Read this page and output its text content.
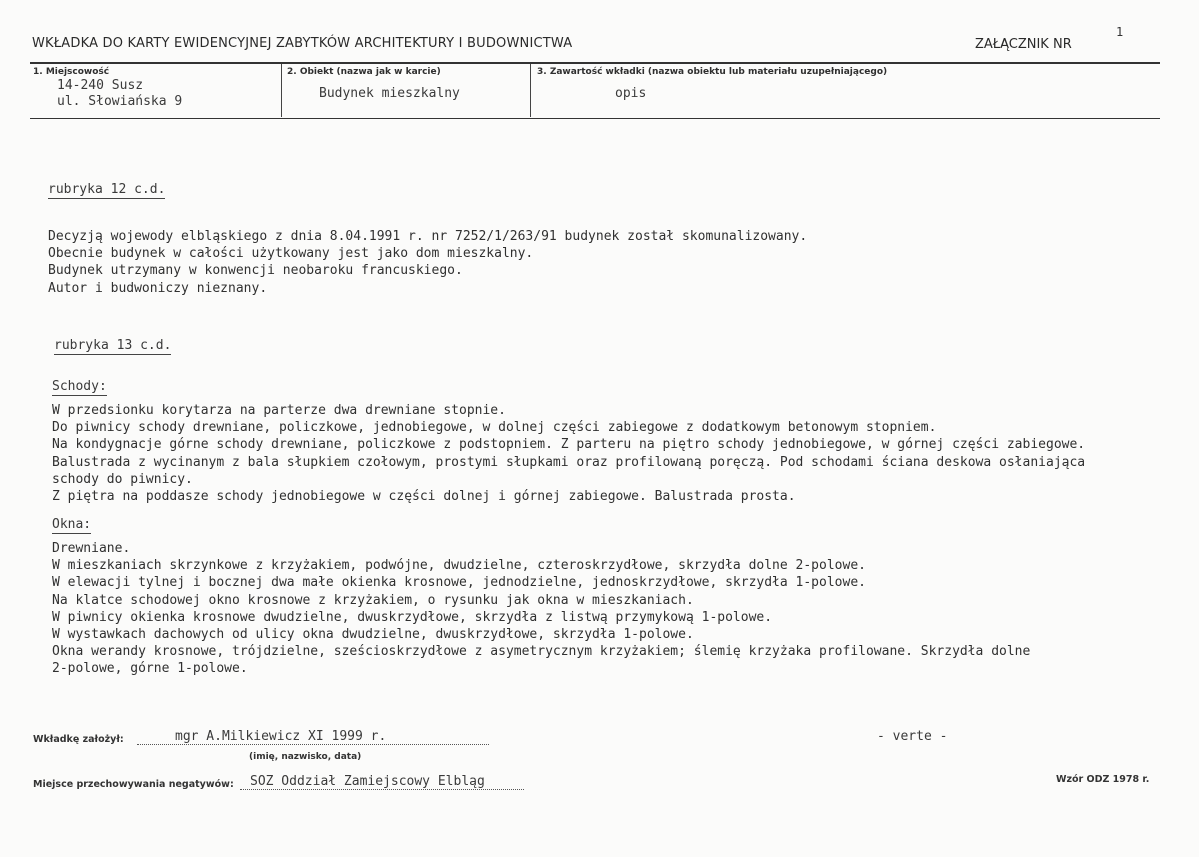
WKŁADKA DO KARTY EWIDENCYJNEJ ZABYTKÓW ARCHITEKTURY I BUDOWNICTWA	ZAŁĄCZNIK NR
1
1. Miejscowość
14-240 Susz
ul. Słowiańska 9
2. Obiekt (nazwa jak w karcie)
Budynek mieszkalny
3. Zawartość wkładki (nazwa obiektu lub materiału uzupełniającego)
opis
rubryka 12 c.d.
Decyzją wojewody elbląskiego z dnia 8.04.1991 r. nr 7252/1/263/91 budynek został skomunalizowany.
Obecnie budynek w całości użytkowany jest jako dom mieszkalny.
Budynek utrzymany w konwencji neobaroku francuskiego.
Autor i budwoniczy nieznany.
rubryka 13 c.d.
Schody:
W przedsionku korytarza na parterze dwa drewniane stopnie.
Do piwnicy schody drewniane, policzkowe, jednobiegowe, w dolnej części zabiegowe z dodatkowym betonowym stopniem.
Na kondygnacje górne schody drewniane, policzkowe z podstopniem. Z parteru na piętro schody jednobiegowe, w górnej części zabiegowe.
Balustrada z wycinanym z bala słupkiem czołowym, prostymi słupkami oraz profilowaną poręczą. Pod schodami ściana deskowa osłaniająca
schody do piwnicy.
Z piętra na poddasze schody jednobiegowe w części dolnej i górnej zabiegowe. Balustrada prosta.
Okna:
Drewniane.
W mieszkaniach skrzynkowe z krzyżakiem, podwójne, dwudzielne, czteroskrzydłowe, skrzydła dolne 2-polowe.
W elewacji tylnej i bocznej dwa małe okienka krosnowe, jednodzielne, jednoskrzydłowe, skrzydła 1-polowe.
Na klatce schodowej okno krosnowe z krzyżakiem, o rysunku jak okna w mieszkaniach.
W piwnicy okienka krosnowe dwudzielne, dwuskrzydłowe, skrzydła z listwą przymykową 1-polowe.
W wystawkach dachowych od ulicy okna dwudzielne, dwuskrzydłowe, skrzydła 1-polowe.
Okna werandy krosnowe, trójdzielne, sześcioskrzydłowe z asymetrycznym krzyżakiem; ślemię krzyżaka profilowane. Skrzydła dolne
2-polowe, górne 1-polowe.
Wkładkę założył:	mgr A.Milkiewicz XI 1999 r.
(imię, nazwisko, data)
- verte -
Miejsce przechowywania negatywów:	SOZ Oddział Zamiejscowy Elbląg	Wzór ODZ 1978 r.
